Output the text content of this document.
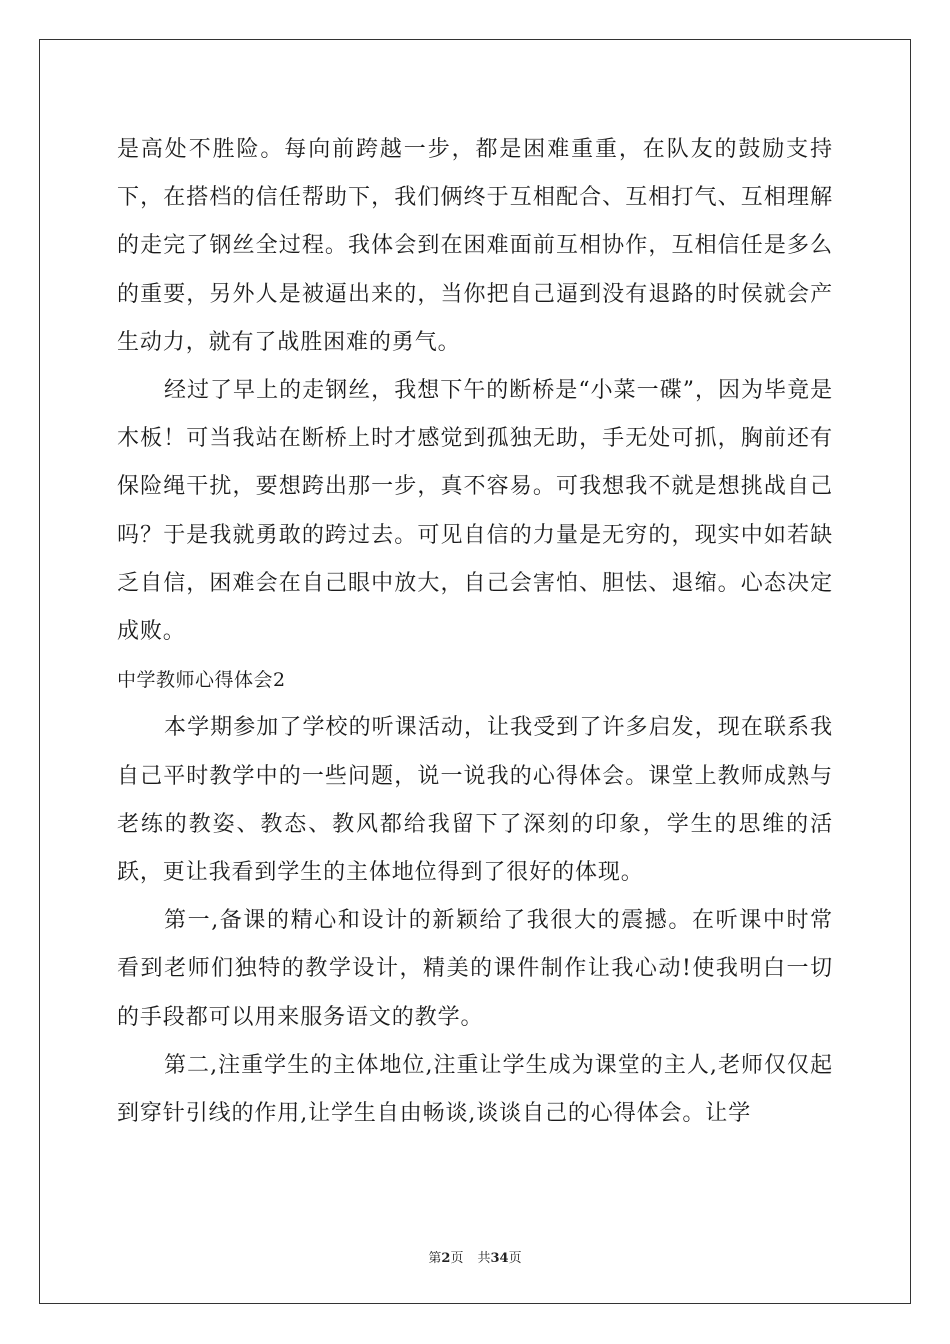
是高处不胜险。每向前跨越一步，都是困难重重，在队友的鼓励支持下，在搭档的信任帮助下，我们俩终于互相配合、互相打气、互相理解的走完了钢丝全过程。我体会到在困难面前互相协作，互相信任是多么的重要，另外人是被逼出来的，当你把自己逼到没有退路的时侯就会产生动力，就有了战胜困难的勇气。

经过了早上的走钢丝，我想下午的断桥是“小菜一碟”，因为毕竟是木板！可当我站在断桥上时才感觉到孤独无助，手无处可抓，胸前还有保险绳干扰，要想跨出那一步，真不容易。可我想我不就是想挑战自己吗？于是我就勇敢的跨过去。可见自信的力量是无穷的，现实中如若缺乏自信，困难会在自己眼中放大，自己会害怕、胆怯、退缩。心态决定成败。

中学教师心得体会2

本学期参加了学校的听课活动，让我受到了许多启发，现在联系我自己平时教学中的一些问题，说一说我的心得体会。课堂上教师成熟与老练的教姿、教态、教风都给我留下了深刻的印象，学生的思维的活跃，更让我看到学生的主体地位得到了很好的体现。

第一,备课的精心和设计的新颖给了我很大的震撼。在听课中时常看到老师们独特的教学设计，精美的课件制作让我心动!使我明白一切的手段都可以用来服务语文的教学。

第二,注重学生的主体地位,注重让学生成为课堂的主人,老师仅仅起到穿针引线的作用,让学生自由畅谈,谈谈自己的心得体会。让学

第2页 共34页
